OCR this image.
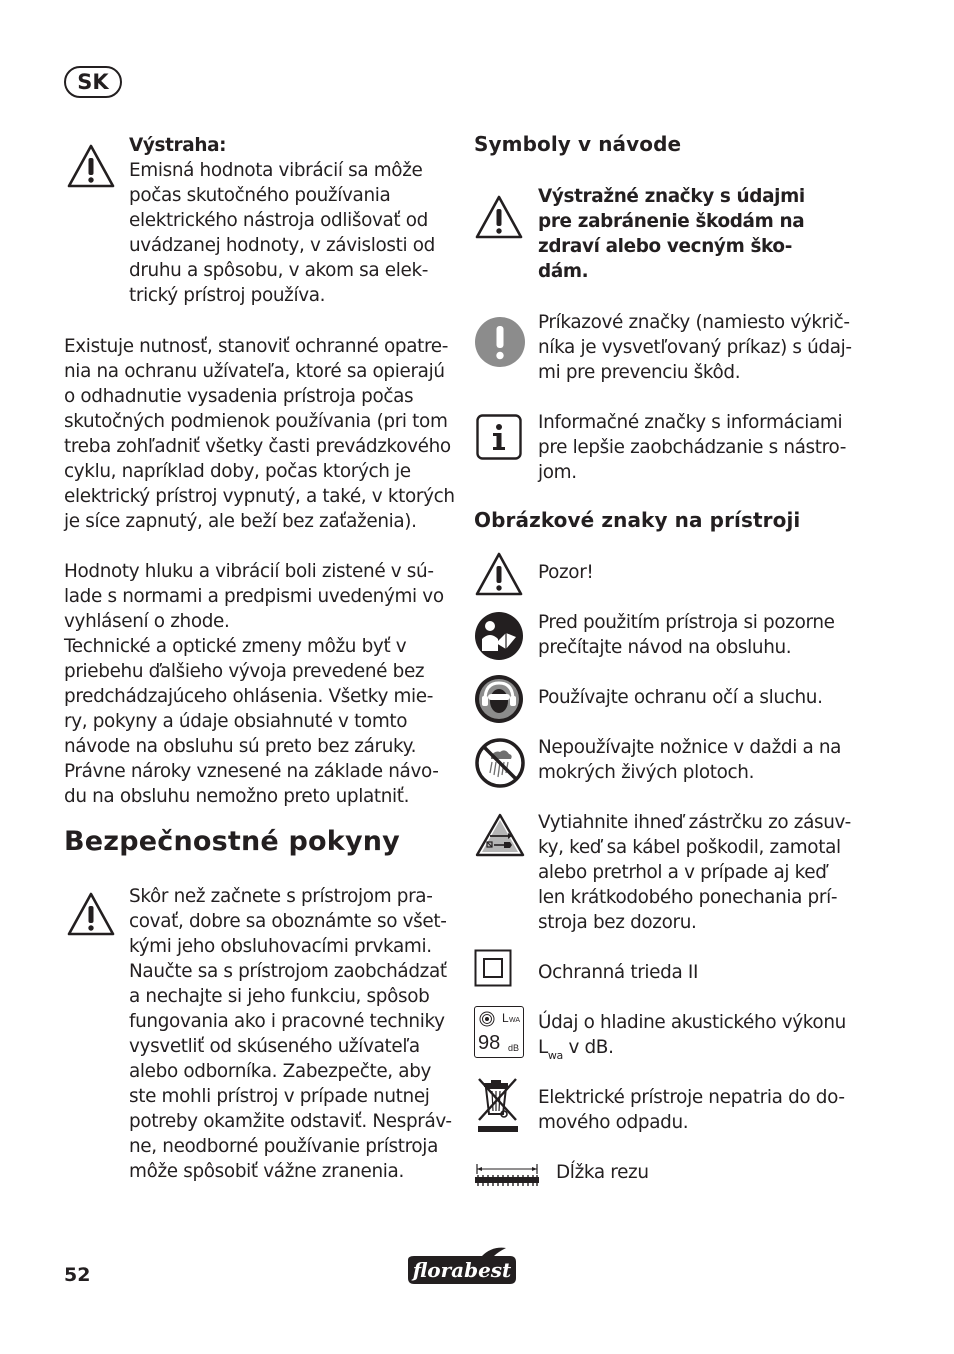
SK
Výstraha:
Emisná hodnota vibrácií sa môže
počas skutočného používania
elektrického nástroja odlišovať od
uvádzanej hodnoty, v závislosti od
druhu a spôsobu, v akom sa elek-
trický prístroj používa.
Existuje nutnosť, stanoviť ochranné opatre-
nia na ochranu užívateľa, ktoré sa opierajú
o odhadnutie vysadenia prístroja počas
skutočných podmienok používania (pri tom
treba zohľadniť všetky časti prevádzkového
cyklu, napríklad doby, počas ktorých je
elektrický prístroj vypnutý, a také, v ktorých
je síce zapnutý, ale beží bez zaťaženia).
Hodnoty hluku a vibrácií boli zistené v sú-
lade s normami a predpismi uvedenými vo
vyhlásení o zhode.
Technické a optické zmeny môžu byť v
priebehu ďalšieho vývoja prevedené bez
predchádzajúceho ohlásenia. Všetky mie-
ry, pokyny a údaje obsiahnuté v tomto
návode na obsluhu sú preto bez záruky.
Právne nároky vznesené na základe návo-
du na obsluhu nemožno preto uplatniť.
Bezpečnostné pokyny
Skôr než začnete s prístrojom pra-
covať, dobre sa oboznámte so všet-
kými jeho obsluhovacími prvkami.
Naučte sa s prístrojom zaobchádzať
a nechajte si jeho funkciu, spôsob
fungovania ako i pracovné techniky
vysvetliť od skúseného užívateľa
alebo odborníka. Zabezpečte, aby
ste mohli prístroj v prípade nutnej
potreby okamžite odstaviť. Nespráv-
ne, neodborné používanie prístroja
môže spôsobiť vážne zranenia.
Symboly v návode
Výstražné značky s údajmi
pre zabránenie škodám na
zdraví alebo vecným ško-
dám.
Príkazové značky (namiesto výkrič-
níka je vysvetľovaný príkaz) s údaj-
mi pre prevenciu škôd.
Informačné značky s informáciami
pre lepšie zaobchádzanie s nástro-
jom.
Obrázkové znaky na prístroji
Pozor!
Pred použitím prístroja si pozorne
prečítajte návod na obsluhu.
Používajte ochranu očí a sluchu.
Nepoužívajte nožnice v daždi a na
mokrých živých plotoch.
Vytiahnite ihneď zástrčku zo zásuv-
ky, keď sa kábel poškodil, zamotal
alebo pretrhol a v prípade aj keď
len krátkodobého ponechania prí-
stroja bez dozoru.
Ochranná trieda II
L WA
98 dB
Údaj o hladine akustického výkonu
$L_{wa}$ v dB.
Elektrické prístroje nepatria do do-
mového odpadu.
Dĺžka rezu
52	florabest
